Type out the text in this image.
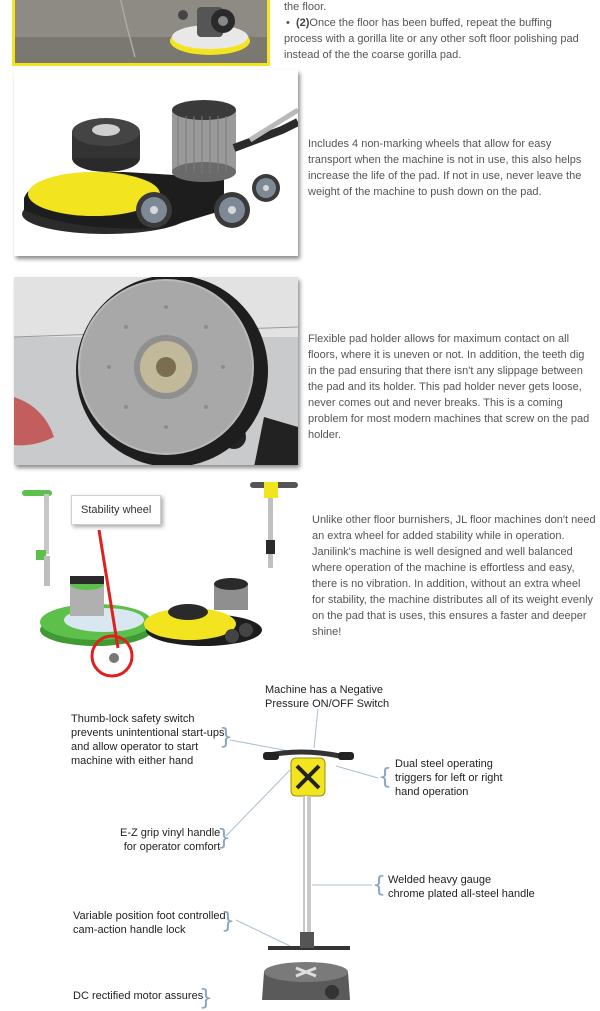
the floor.
•  (2)Once the floor has been buffed, repeat the buffing process with a gorilla lite or any other soft floor polishing pad instead of the the coarse gorilla pad.
Includes 4 non-marking wheels that allow for easy transport when the machine is not in use, this also helps increase the life of the pad. If not in use, never leave the weight of the machine to push down on the pad.
Flexible pad holder allows for maximum contact on all floors, where it is uneven or not. In addition, the teeth dig in the pad ensuring that there isn't any slippage between the pad and its holder. This pad holder never gets loose, never comes out and never breaks. This is a coming problem for most modern machines that screw on the pad holder.
Stability wheel
Unlike other floor burnishers, JL floor machines don't need an extra wheel for added stability while in operation. Janilink's machine is well designed and well balanced where operation of the machine is effortless and easy, there is no vibration. In addition, without an extra wheel for stability, the machine distributes all of its weight evenly on the pad that is uses, this ensures a faster and deeper shine!
Machine has a Negative
Pressure ON/OFF Switch
Thumb-lock safety switch
prevents unintentional start-ups
and allow operator to start
machine with either hand
}
{
Dual steel operating
triggers for left or right
hand operation
E-Z grip vinyl handle
for operator comfort
}
{ Welded heavy gauge
chrome plated all-steel handle
Variable position foot controlled
cam-action handle lock	}
DC rectified motor assures
}
